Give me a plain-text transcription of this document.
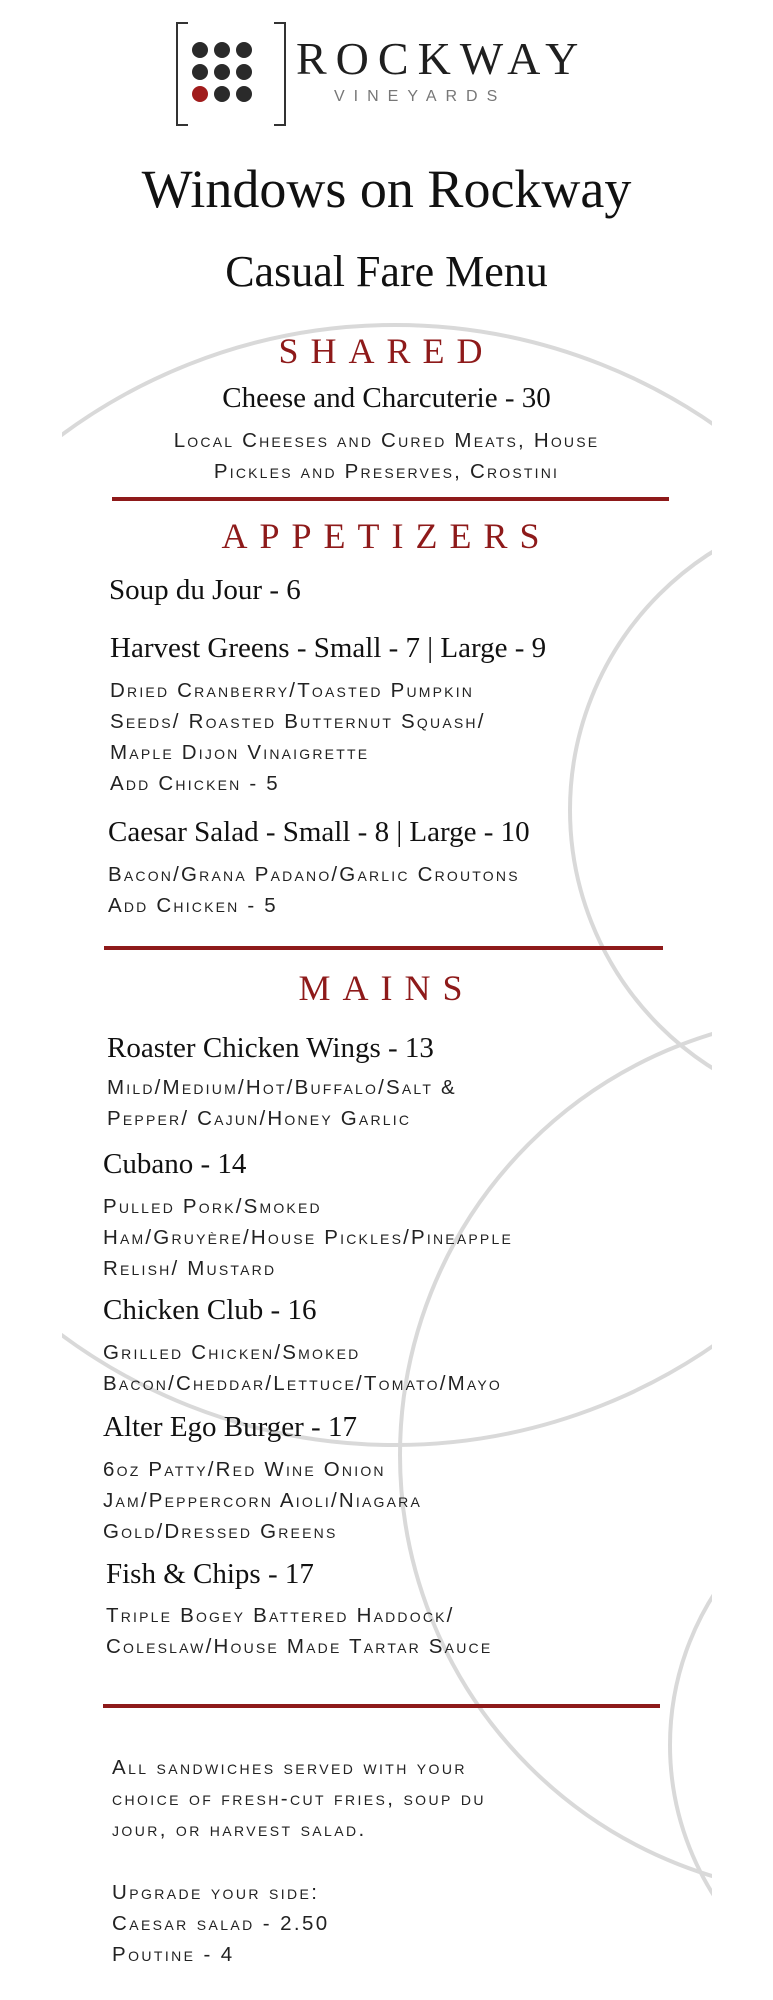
ROCKWAY
VINEYARDS
Windows on Rockway
Casual Fare Menu
SHARED
Cheese and Charcuterie - 30
Local Cheeses and Cured Meats, House
Pickles and Preserves, Crostini
APPETIZERS
Soup du Jour - 6
Harvest Greens - Small - 7 | Large - 9
Dried Cranberry/Toasted Pumpkin
Seeds/ Roasted Butternut Squash/
Maple Dijon Vinaigrette
Add Chicken - 5
Caesar Salad - Small - 8 | Large - 10
Bacon/Grana Padano/Garlic Croutons
Add Chicken - 5
MAINS
Roaster Chicken Wings - 13
Mild/Medium/Hot/Buffalo/Salt &
Pepper/ Cajun/Honey Garlic
Cubano - 14
Pulled Pork/Smoked
Ham/Gruyère/House Pickles/Pineapple
Relish/ Mustard
Chicken Club - 16
Grilled Chicken/Smoked
Bacon/Cheddar/Lettuce/Tomato/Mayo
Alter Ego Burger - 17
6oz Patty/Red Wine Onion
Jam/Peppercorn Aioli/Niagara
Gold/Dressed Greens
Fish & Chips - 17
Triple Bogey Battered Haddock/
Coleslaw/House Made Tartar Sauce
All sandwiches served with your
choice of fresh-cut fries, soup du
jour, or harvest salad.
Upgrade your side:
Caesar salad - 2.50
Poutine - 4
